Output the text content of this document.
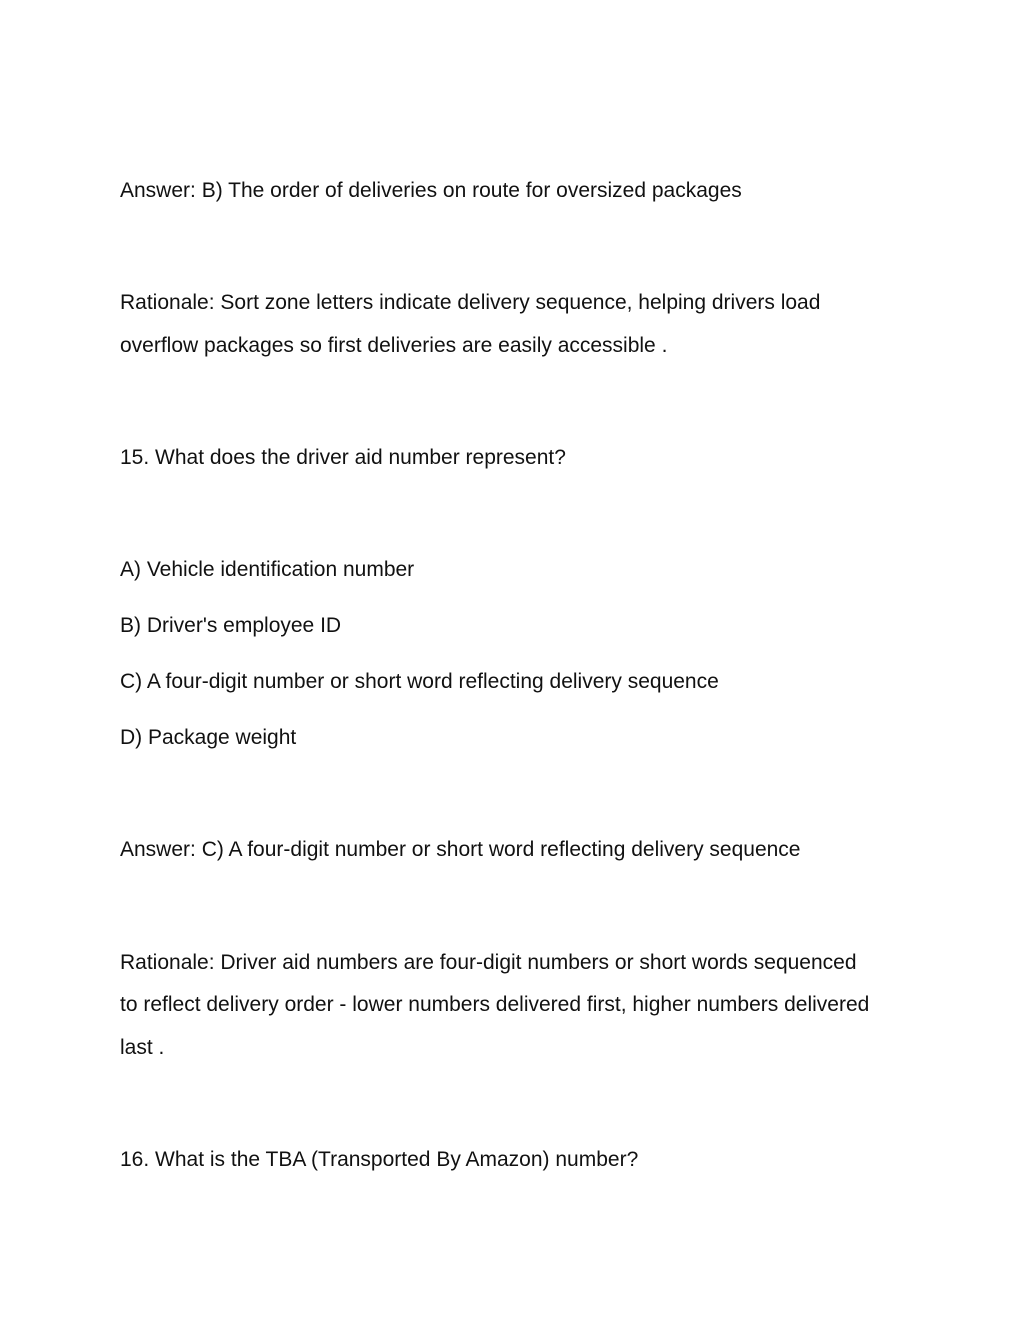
Answer: B) The order of deliveries on route for oversized packages
Rationale: Sort zone letters indicate delivery sequence, helping drivers load
overflow packages so first deliveries are easily accessible .
15. What does the driver aid number represent?
A) Vehicle identification number
B) Driver's employee ID
C) A four-digit number or short word reflecting delivery sequence
D) Package weight
Answer: C) A four-digit number or short word reflecting delivery sequence
Rationale: Driver aid numbers are four-digit numbers or short words sequenced
to reflect delivery order - lower numbers delivered first, higher numbers delivered
last .
16. What is the TBA (Transported By Amazon) number?
